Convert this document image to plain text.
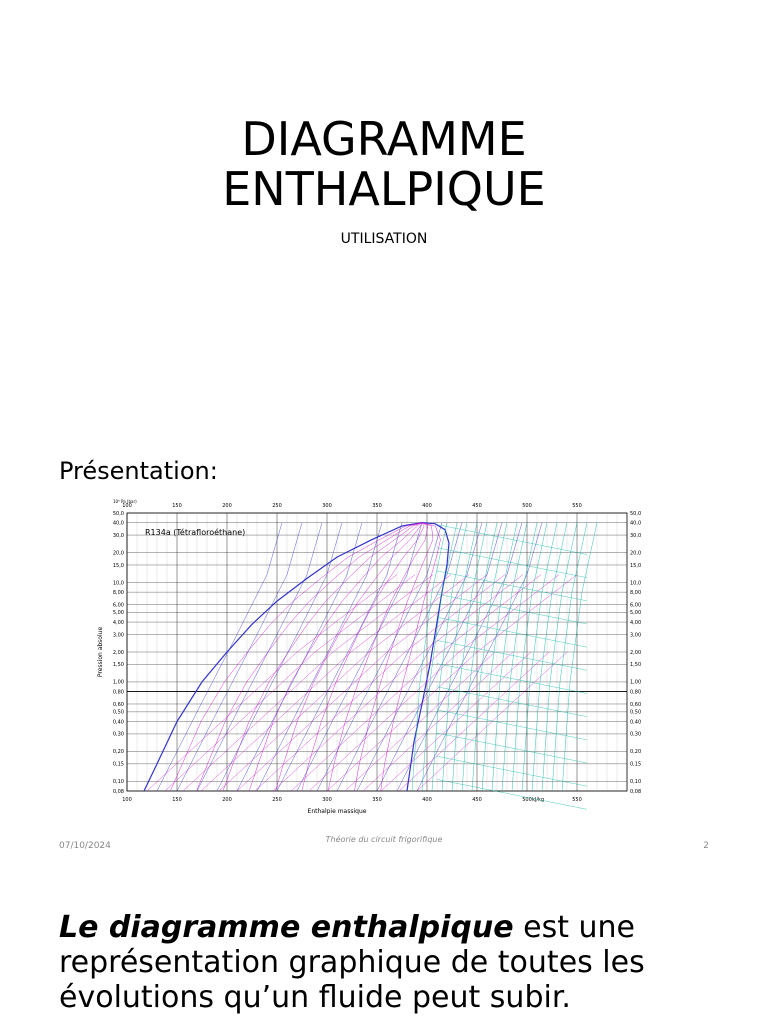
DIAGRAMME
ENTHALPIQUE
UTILISATION
Présentation:
100
100
150
150
200
200
250
250
300
300
350
350
400
400
450
450
500
500
550
550
50,0	50,0
40,0	40,0
30,0	30,0
20,0	20,0
15,0	15,0
10,0	10,0
8,00	8,00
6,00	6,00
5,00	5,00
4,00	4,00
3,00	3,00
2,00	2,00
1,50	1,50
1,00	1,00
0,80	0,80
0,60	0,60
0,50	0,50
0,40	0,40
0,30	0,30
0,20	0,20
0,15	0,15
0,10	0,10
0,08	0,08
kJ/kg
10⁵ Pa (bar)
Enthalpie massique
Pression absolue
R134a (Tétrafloroéthane)
07/10/2024
Théorie du circuit frigorifique
2
Le diagramme enthalpique est une représentation graphique de toutes les évolutions qu’un fluide peut subir.
